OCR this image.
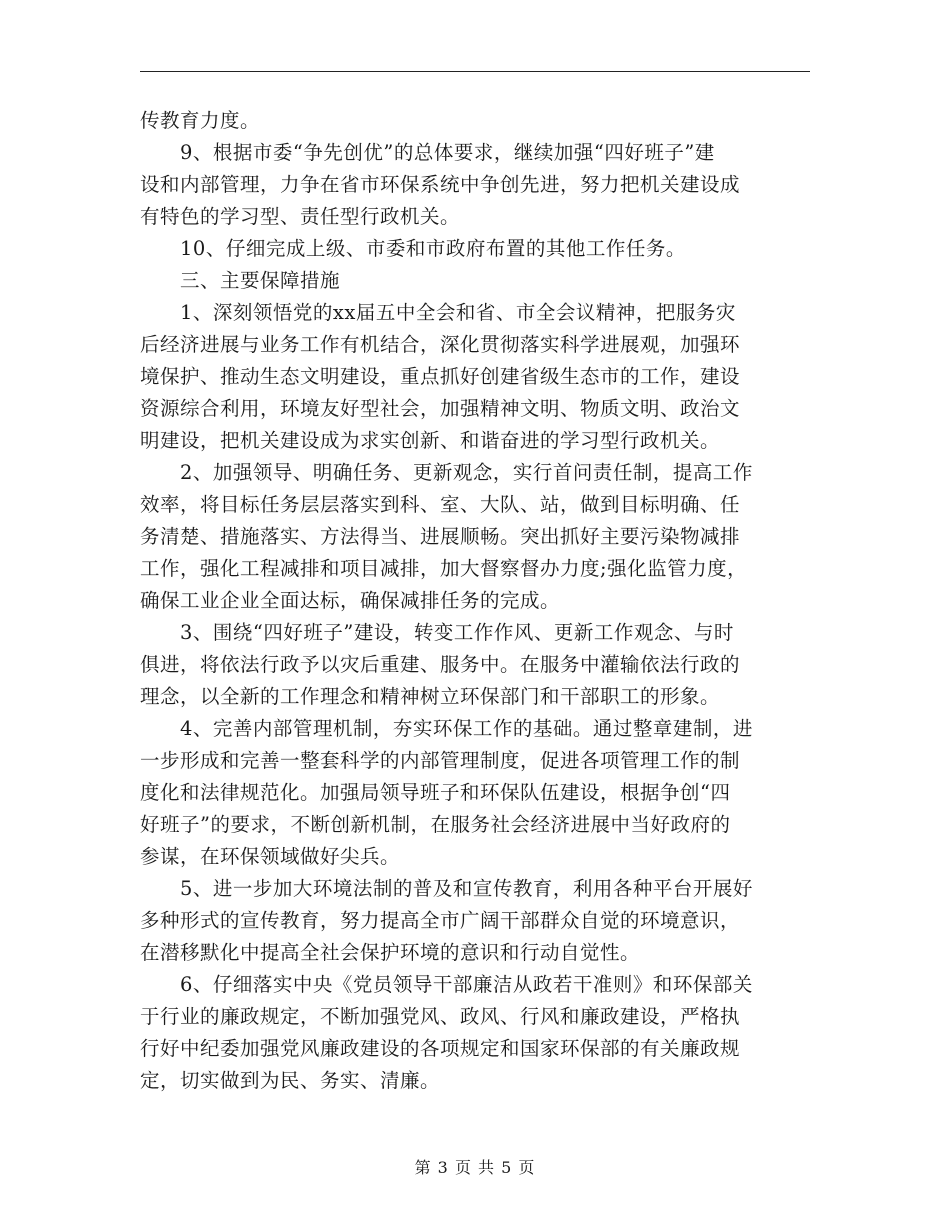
传教育力度。
9、根据市委“争先创优”的总体要求，继续加强“四好班子”建
设和内部管理，力争在省市环保系统中争创先进，努力把机关建设成
有特色的学习型、责任型行政机关。
10、仔细完成上级、市委和市政府布置的其他工作任务。
三、主要保障措施
1、深刻领悟党的xx届五中全会和省、市全会议精神，把服务灾
后经济进展与业务工作有机结合，深化贯彻落实科学进展观，加强环
境保护、推动生态文明建设，重点抓好创建省级生态市的工作，建设
资源综合利用，环境友好型社会，加强精神文明、物质文明、政治文
明建设，把机关建设成为求实创新、和谐奋进的学习型行政机关。
2、加强领导、明确任务、更新观念，实行首问责任制，提高工作
效率，将目标任务层层落实到科、室、大队、站，做到目标明确、任
务清楚、措施落实、方法得当、进展顺畅。突出抓好主要污染物减排
工作，强化工程减排和项目减排，加大督察督办力度;强化监管力度，
确保工业企业全面达标，确保减排任务的完成。
3、围绕“四好班子”建设，转变工作作风、更新工作观念、与时
俱进，将依法行政予以灾后重建、服务中。在服务中灌输依法行政的
理念，以全新的工作理念和精神树立环保部门和干部职工的形象。
4、完善内部管理机制，夯实环保工作的基础。通过整章建制，进
一步形成和完善一整套科学的内部管理制度，促进各项管理工作的制
度化和法律规范化。加强局领导班子和环保队伍建设，根据争创“四
好班子”的要求，不断创新机制，在服务社会经济进展中当好政府的
参谋，在环保领域做好尖兵。
5、进一步加大环境法制的普及和宣传教育，利用各种平台开展好
多种形式的宣传教育，努力提高全市广阔干部群众自觉的环境意识，
在潜移默化中提高全社会保护环境的意识和行动自觉性。
6、仔细落实中央《党员领导干部廉洁从政若干准则》和环保部关
于行业的廉政规定，不断加强党风、政风、行风和廉政建设，严格执
行好中纪委加强党风廉政建设的各项规定和国家环保部的有关廉政规
定，切实做到为民、务实、清廉。
第 3 页 共 5 页
